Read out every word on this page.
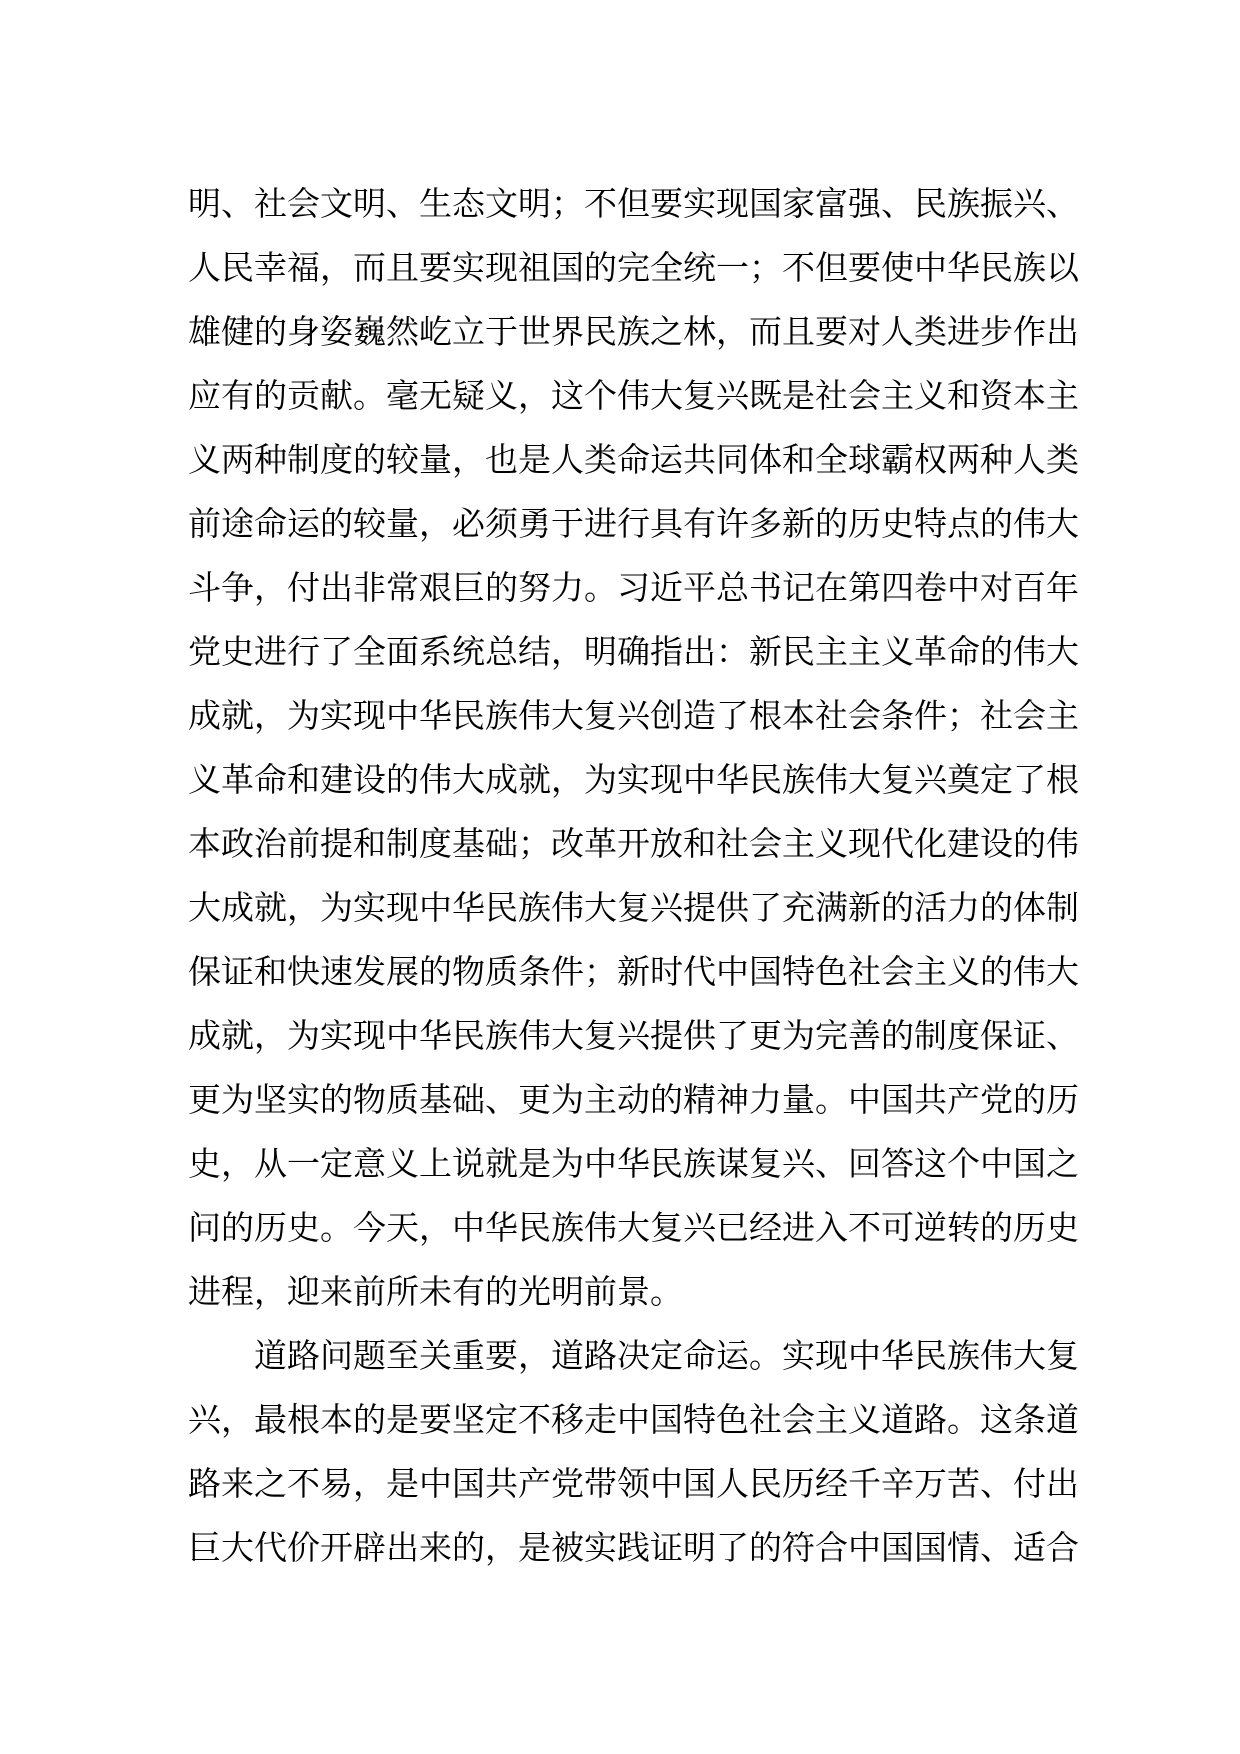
明、社会文明、生态文明；不但要实现国家富强、民族振兴、
人民幸福，而且要实现祖国的完全统一；不但要使中华民族以
雄健的身姿巍然屹立于世界民族之林，而且要对人类进步作出
应有的贡献。毫无疑义，这个伟大复兴既是社会主义和资本主
义两种制度的较量，也是人类命运共同体和全球霸权两种人类
前途命运的较量，必须勇于进行具有许多新的历史特点的伟大
斗争，付出非常艰巨的努力。习近平总书记在第四卷中对百年
党史进行了全面系统总结，明确指出：新民主主义革命的伟大
成就，为实现中华民族伟大复兴创造了根本社会条件；社会主
义革命和建设的伟大成就，为实现中华民族伟大复兴奠定了根
本政治前提和制度基础；改革开放和社会主义现代化建设的伟
大成就，为实现中华民族伟大复兴提供了充满新的活力的体制
保证和快速发展的物质条件；新时代中国特色社会主义的伟大
成就，为实现中华民族伟大复兴提供了更为完善的制度保证、
更为坚实的物质基础、更为主动的精神力量。中国共产党的历
史，从一定意义上说就是为中华民族谋复兴、回答这个中国之
问的历史。今天，中华民族伟大复兴已经进入不可逆转的历史
进程，迎来前所未有的光明前景。
道路问题至关重要，道路决定命运。实现中华民族伟大复
兴，最根本的是要坚定不移走中国特色社会主义道路。这条道
路来之不易，是中国共产党带领中国人民历经千辛万苦、付出
巨大代价开辟出来的，是被实践证明了的符合中国国情、适合
